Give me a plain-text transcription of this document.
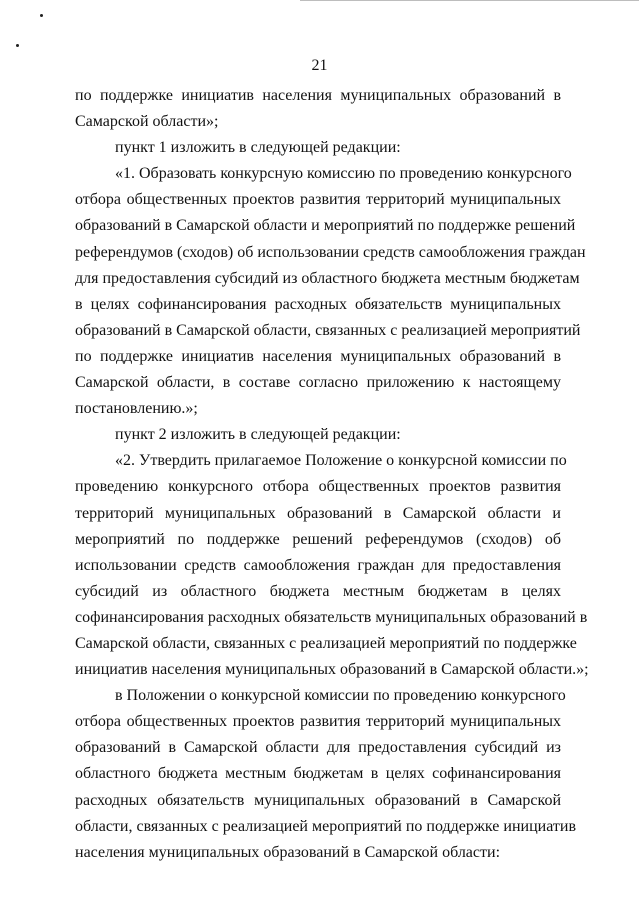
21

по поддержке инициатив населения муниципальных образований в
Самарской области»;

пункт 1 изложить в следующей редакции:

«1. Образовать конкурсную комиссию по проведению конкурсного
отбора общественных проектов развития территорий муниципальных
образований в Самарской области и мероприятий по поддержке решений
референдумов (сходов) об использовании средств самообложения граждан
для предоставления субсидий из областного бюджета местным бюджетам
в целях софинансирования расходных обязательств муниципальных
образований в Самарской области, связанных с реализацией мероприятий
по поддержке инициатив населения муниципальных образований в
Самарской области, в составе согласно приложению к настоящему
постановлению.»;

пункт 2 изложить в следующей редакции:

«2. Утвердить прилагаемое Положение о конкурсной комиссии по
проведению конкурсного отбора общественных проектов развития
территорий муниципальных образований в Самарской области и
мероприятий по поддержке решений референдумов (сходов) об
использовании средств самообложения граждан для предоставления
субсидий из областного бюджета местным бюджетам в целях
софинансирования расходных обязательств муниципальных образований в
Самарской области, связанных с реализацией мероприятий по поддержке
инициатив населения муниципальных образований в Самарской области.»;

в Положении о конкурсной комиссии по проведению конкурсного
отбора общественных проектов развития территорий муниципальных
образований в Самарской области для предоставления субсидий из
областного бюджета местным бюджетам в целях софинансирования
расходных обязательств муниципальных образований в Самарской
области, связанных с реализацией мероприятий по поддержке инициатив
населения муниципальных образований в Самарской области:
